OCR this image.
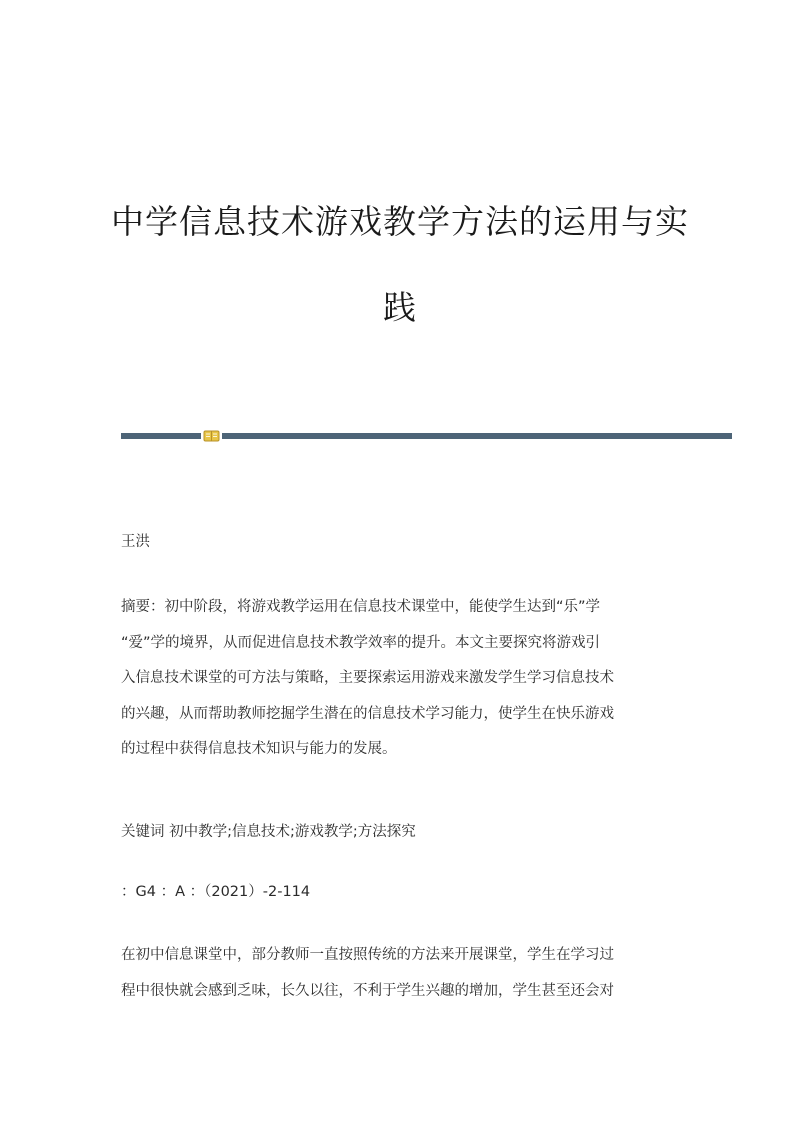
中学信息技术游戏教学方法的运用与实
践
王洪
摘要：初中阶段，将游戏教学运用在信息技术课堂中，能使学生达到“乐”学
“爱”学的境界，从而促进信息技术教学效率的提升。本文主要探究将游戏引
入信息技术课堂的可方法与策略，主要探索运用游戏来激发学生学习信息技术
的兴趣，从而帮助教师挖掘学生潜在的信息技术学习能力，使学生在快乐游戏
的过程中获得信息技术知识与能力的发展。
关键词 初中教学;信息技术;游戏教学;方法探究
：G4 ：A ：（2021）-2-114
在初中信息课堂中，部分教师一直按照传统的方法来开展课堂，学生在学习过
程中很快就会感到乏味，长久以往，不利于学生兴趣的增加，学生甚至还会对
